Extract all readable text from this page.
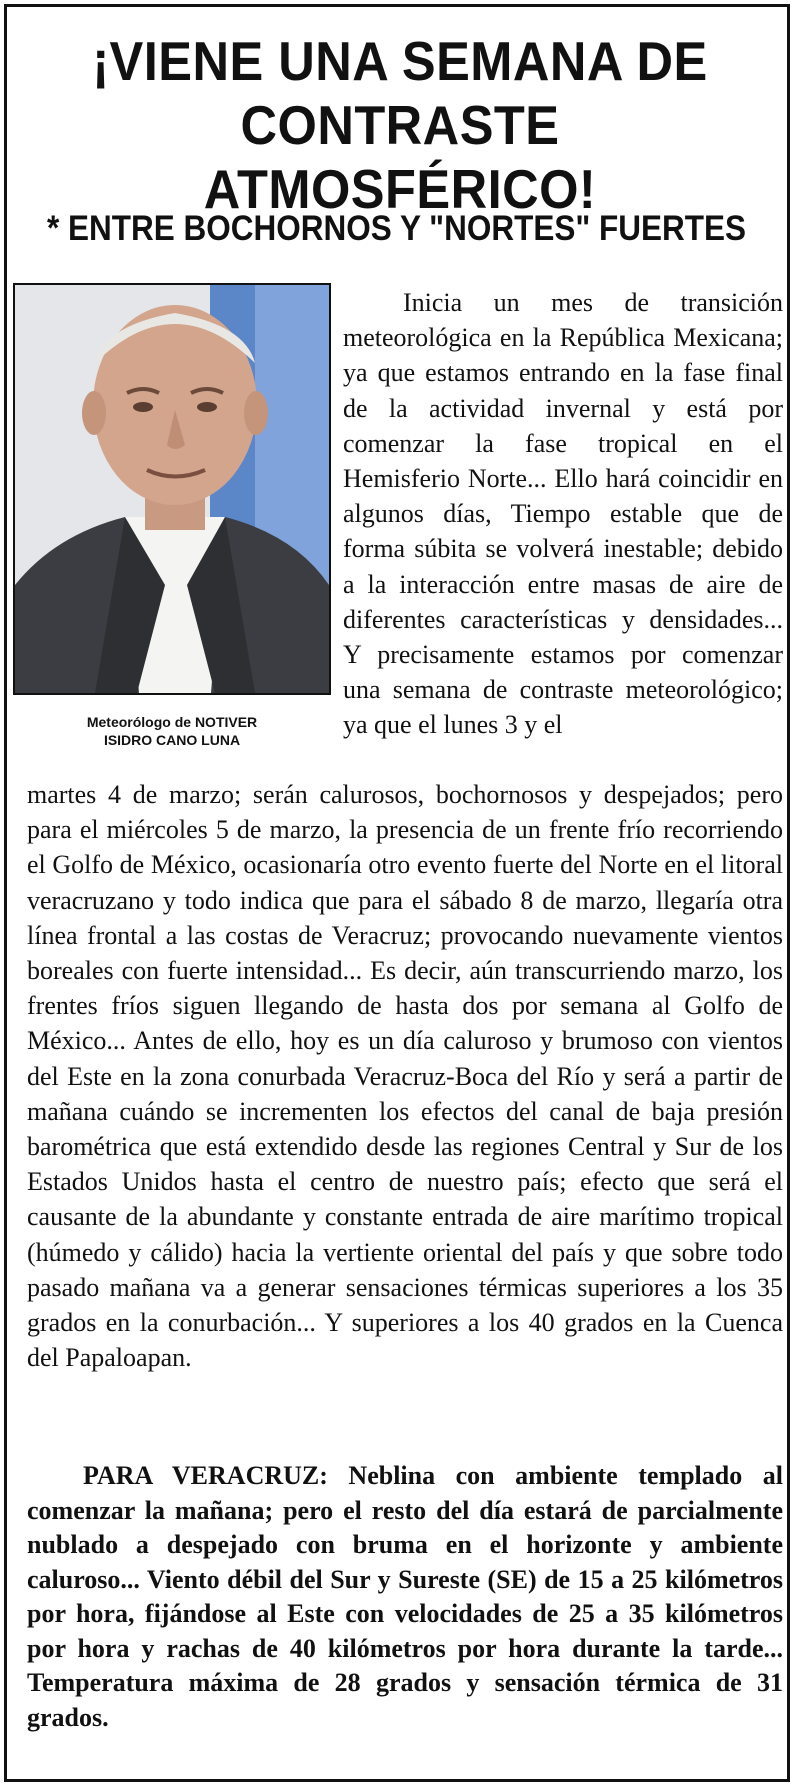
¡VIENE UNA SEMANA DE
CONTRASTE ATMOSFÉRICO!
* ENTRE BOCHORNOS Y "NORTES" FUERTES
Meteorólogo de NOTIVER
ISIDRO CANO LUNA

Inicia un mes de transición meteorológica en la República Mexicana; ya que estamos entrando en la fase final de la actividad invernal y está por comenzar la fase tropical en el Hemisferio Norte... Ello hará coincidir en algunos días, Tiempo estable que de forma súbita se volverá inestable; debido a la interacción entre masas de aire de diferentes características y densidades... Y precisamente estamos por comenzar una semana de contraste meteorológico; ya que el lunes 3 y el

martes 4 de marzo; serán calurosos, bochornosos y despejados; pero para el miércoles 5 de marzo, la presencia de un frente frío recorriendo el Golfo de México, ocasionaría otro evento fuerte del Norte en el litoral veracruzano y todo indica que para el sábado 8 de marzo, llegaría otra línea frontal a las costas de Veracruz; provocando nuevamente vientos boreales con fuerte intensidad... Es decir, aún transcurriendo marzo, los frentes fríos siguen llegando de hasta dos por semana al Golfo de México... Antes de ello, hoy es un día caluroso y brumoso con vientos del Este en la zona conurbada Veracruz-Boca del Río y será a partir de mañana cuándo se incrementen los efectos del canal de baja presión barométrica que está extendido desde las regiones Central y Sur de los Estados Unidos hasta el centro de nuestro país; efecto que será el causante de la abundante y constante entrada de aire marítimo tropical (húmedo y cálido) hacia la vertiente oriental del país y que sobre todo pasado mañana va a generar sensaciones térmicas superiores a los 35 grados en la conurbación... Y superiores a los 40 grados en la Cuenca del Papaloapan.

PARA VERACRUZ: Neblina con ambiente templado al comenzar la mañana; pero el resto del día estará de parcialmente nublado a despejado con bruma en el horizonte y ambiente caluroso... Viento débil del Sur y Sureste (SE) de 15 a 25 kilómetros por hora, fijándose al Este con velocidades de 25 a 35 kilómetros por hora y rachas de 40 kilómetros por hora durante la tarde... Temperatura máxima de 28 grados y sensación térmica de 31 grados.
